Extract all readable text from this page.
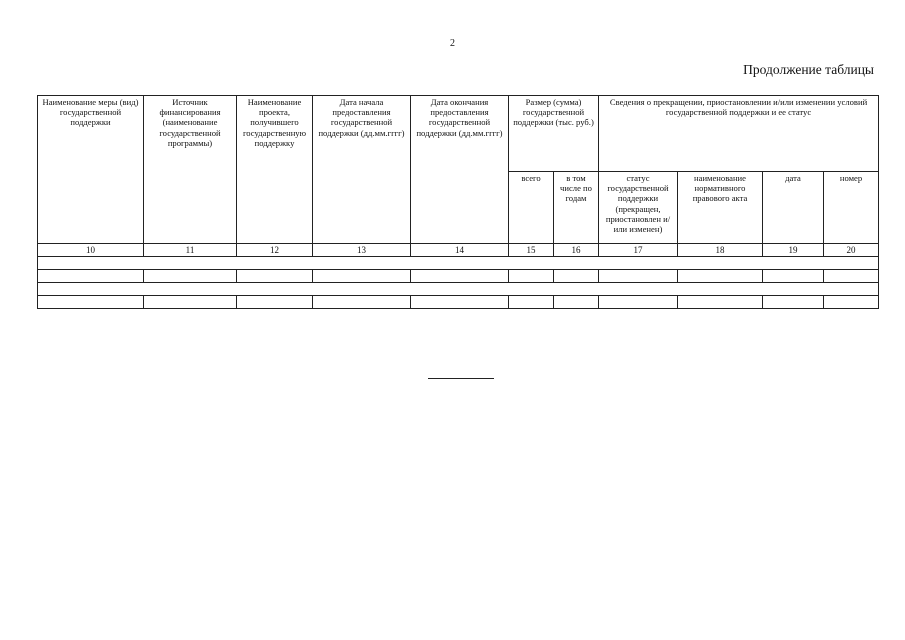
2
Продолжение таблицы
Наименование меры (вид) государственной поддержки	Источник финансирования (наименование государственной программы)	Наименование проекта, получившего государственную поддержку	Дата начала предоставления государственной поддержки (дд.мм.гггг)	Дата окончания предоставления государственной поддержки (дд.мм.гггг)	Размер (сумма) государственной поддержки (тыс. руб.)		Сведения о прекращении, приостановлении и/или изменении условий государственной поддержки и ее статус			
					всего	в том числе по годам	статус государственной поддержки (прекращен, приостановлен и/или изменен)	наименование нормативного правового акта	дата	номер
10	11	12	13	14	15	16	17	18	19	20
